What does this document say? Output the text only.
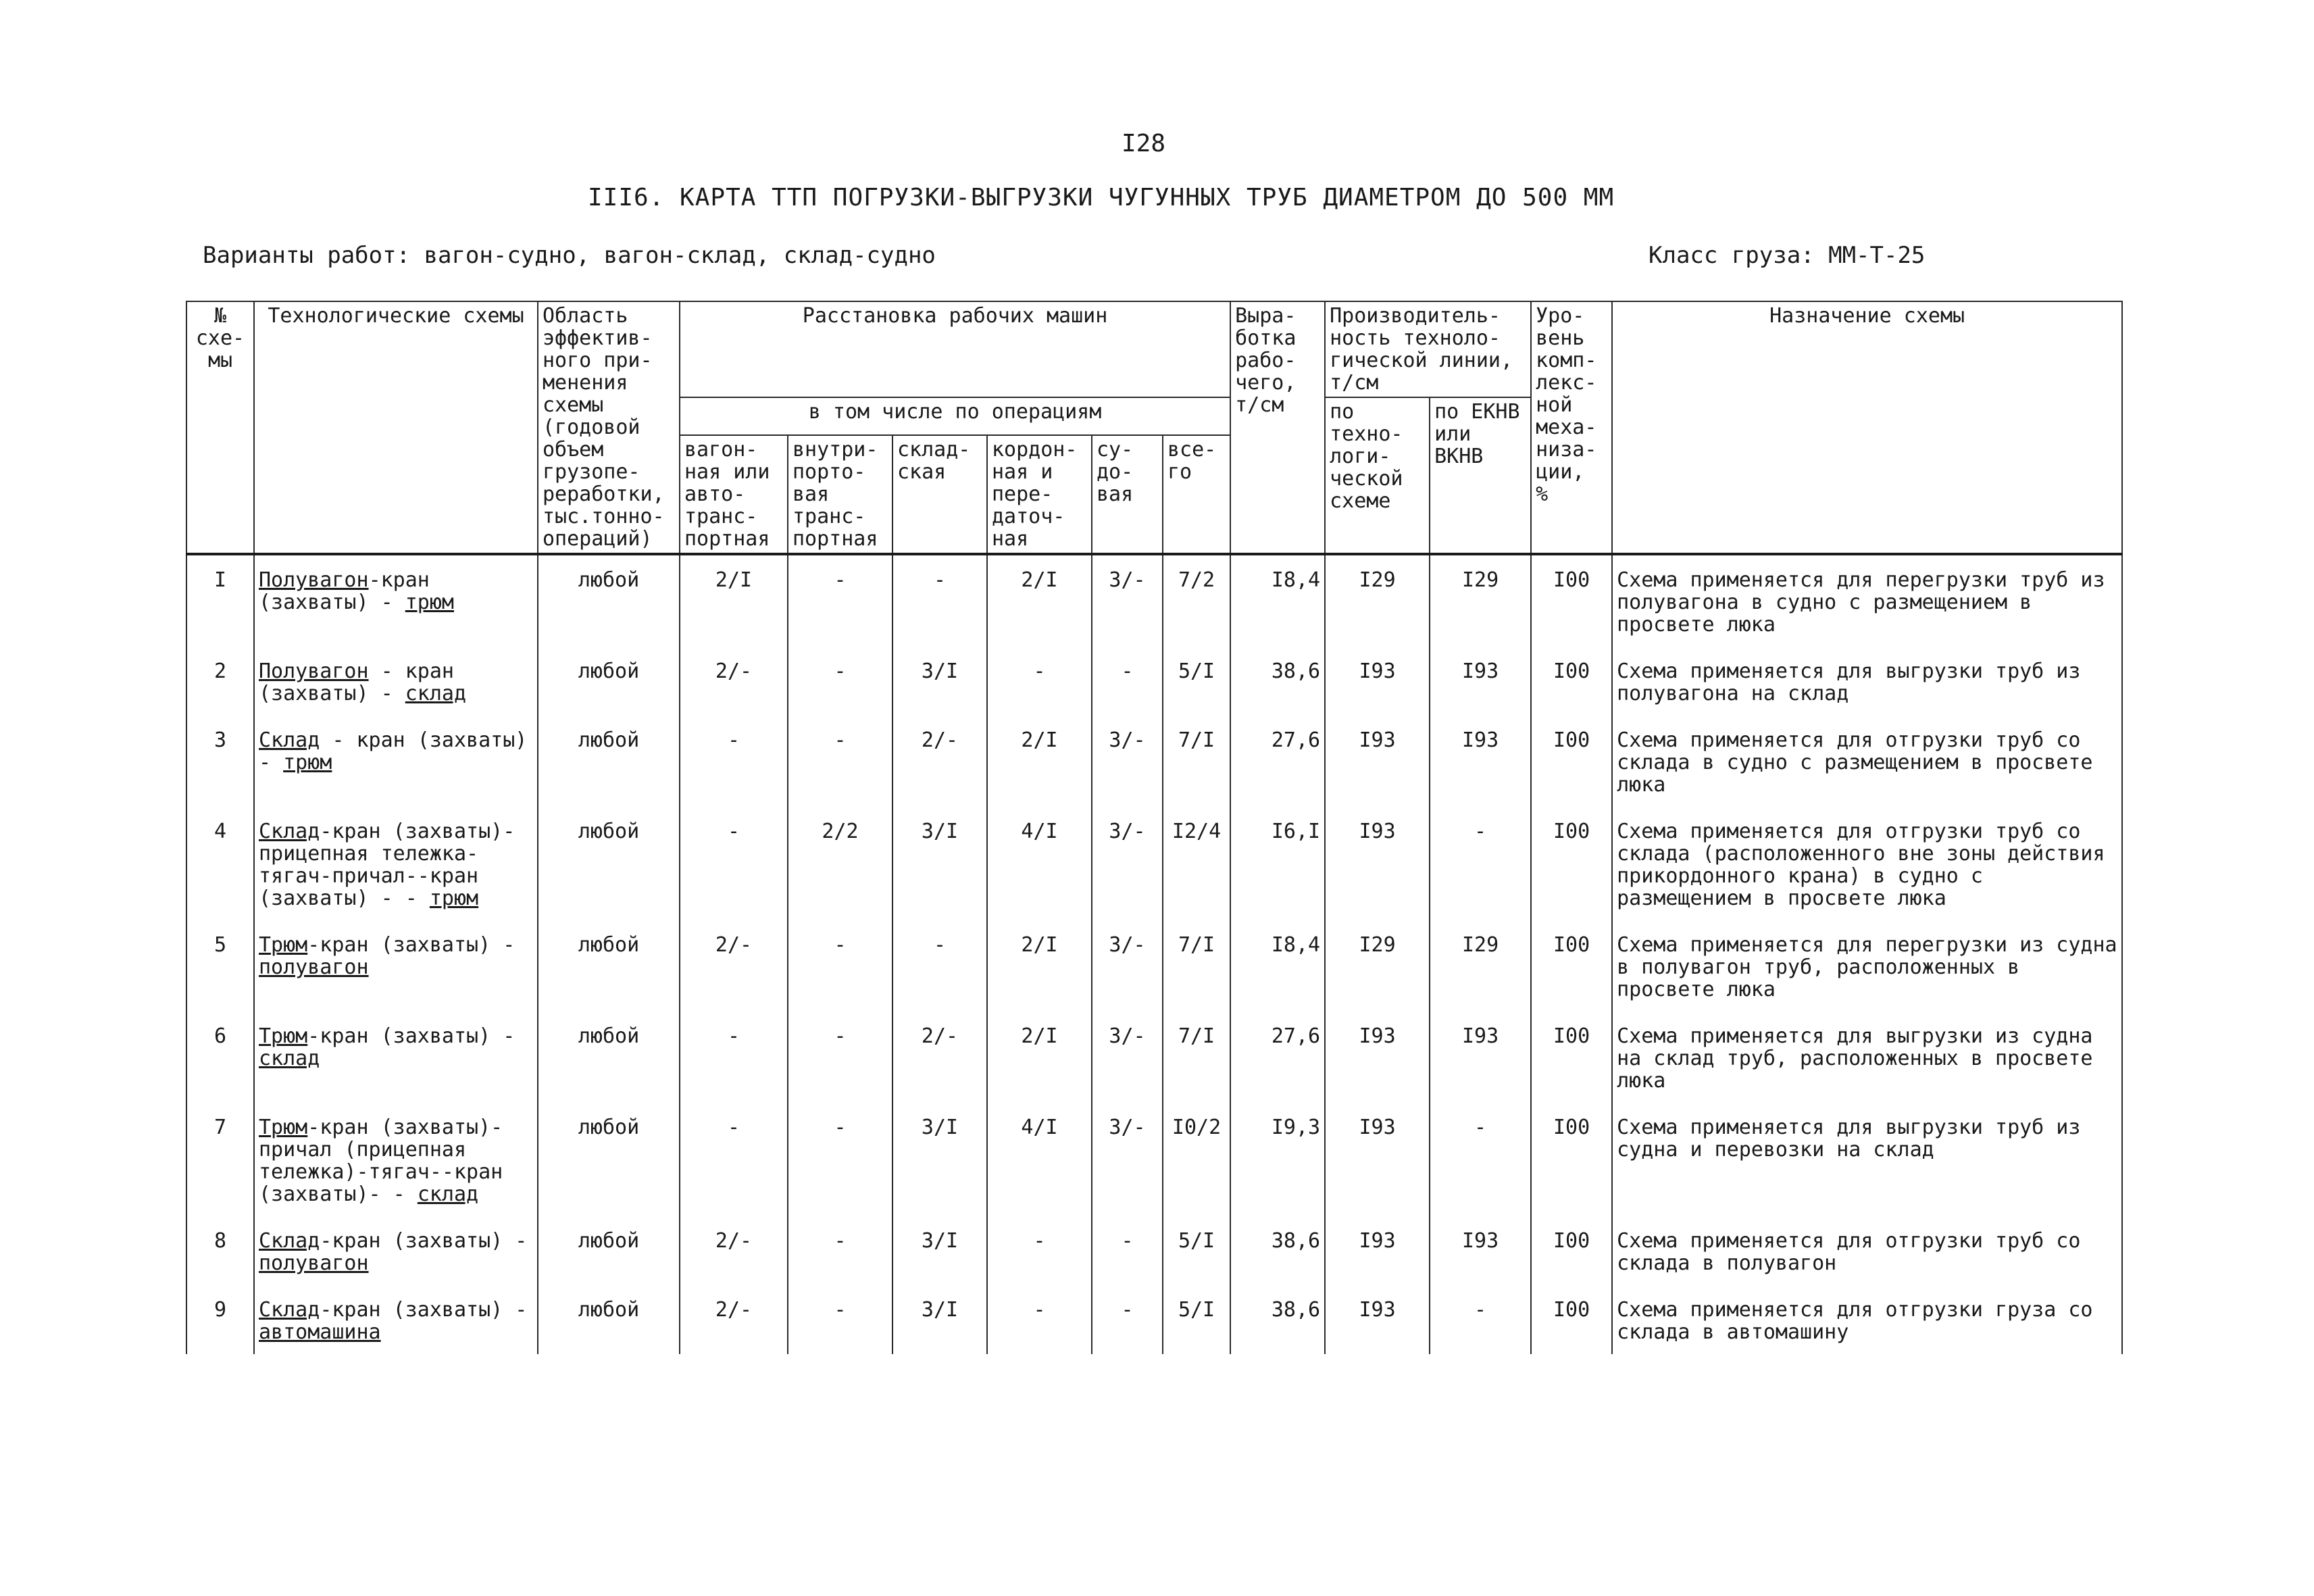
I28
III6. КАРТА ТТП ПОГРУЗКИ-ВЫГРУЗКИ ЧУГУННЫХ ТРУБ ДИАМЕТРОМ ДО 500 ММ
Варианты работ: вагон-судно, вагон-склад, склад-судно	Класс груза: ММ-Т-25
№ схе- мы	Технологические схемы	Область эффектив- ного при- менения схемы (годовой объем грузопе- реработки, тыс.тонно- операций)	Расстановка рабочих машин						Выра- ботка рабо- чего, т/см	Производитель- ность техноло- гической линии, т/см		Уро- вень комп- лекс- ной меха- низа- ции, %	Назначение схемы
			в том числе по операциям							по техно- логи- ческой схеме	по ЕКНВ или ВКНВ		
			вагон- ная или авто- транс- портная	внутри- порто- вая транс- портная	склад- ская	кордон- ная и пере- даточ- ная	су- до- вая	все- го					
I	Полувагон-кран (захваты) - трюм	любой	2/I	-	-	2/I	3/-	7/2	I8,4	I29	I29	I00	Схема применяется для перегрузки труб из полувагона в судно с размещением в просвете люка
2	Полувагон - кран (захваты) - склад	любой	2/-	-	3/I	-	-	5/I	38,6	I93	I93	I00	Схема применяется для выгрузки труб из полувагона на склад
3	Склад - кран (захваты) - трюм	любой	-	-	2/-	2/I	3/-	7/I	27,6	I93	I93	I00	Схема применяется для отгрузки труб со склада в судно с размещением в просвете люка
4	Склад-кран (захваты)-прицепная тележка-тягач-причал--кран (захваты) - - трюм	любой	-	2/2	3/I	4/I	3/-	I2/4	I6,I	I93	-	I00	Схема применяется для отгрузки труб со склада (расположенного вне зоны действия прикордонного крана) в судно с размещением в просвете люка
5	Трюм-кран (захваты) - полувагон	любой	2/-	-	-	2/I	3/-	7/I	I8,4	I29	I29	I00	Схема применяется для перегрузки из судна в полувагон труб, расположенных в просвете люка
6	Трюм-кран (захваты) - склад	любой	-	-	2/-	2/I	3/-	7/I	27,6	I93	I93	I00	Схема применяется для выгрузки из судна на склад труб, расположенных в просвете люка
7	Трюм-кран (захваты)-причал (прицепная тележка)-тягач--кран (захваты)- - склад	любой	-	-	3/I	4/I	3/-	I0/2	I9,3	I93	-	I00	Схема применяется для выгрузки труб из судна и перевозки на склад
8	Склад-кран (захваты) - полувагон	любой	2/-	-	3/I	-	-	5/I	38,6	I93	I93	I00	Схема применяется для отгрузки труб со склада в полувагон
9	Склад-кран (захваты) - автомашина	любой	2/-	-	3/I	-	-	5/I	38,6	I93	-	I00	Схема применяется для отгрузки груза со склада в автомашину
